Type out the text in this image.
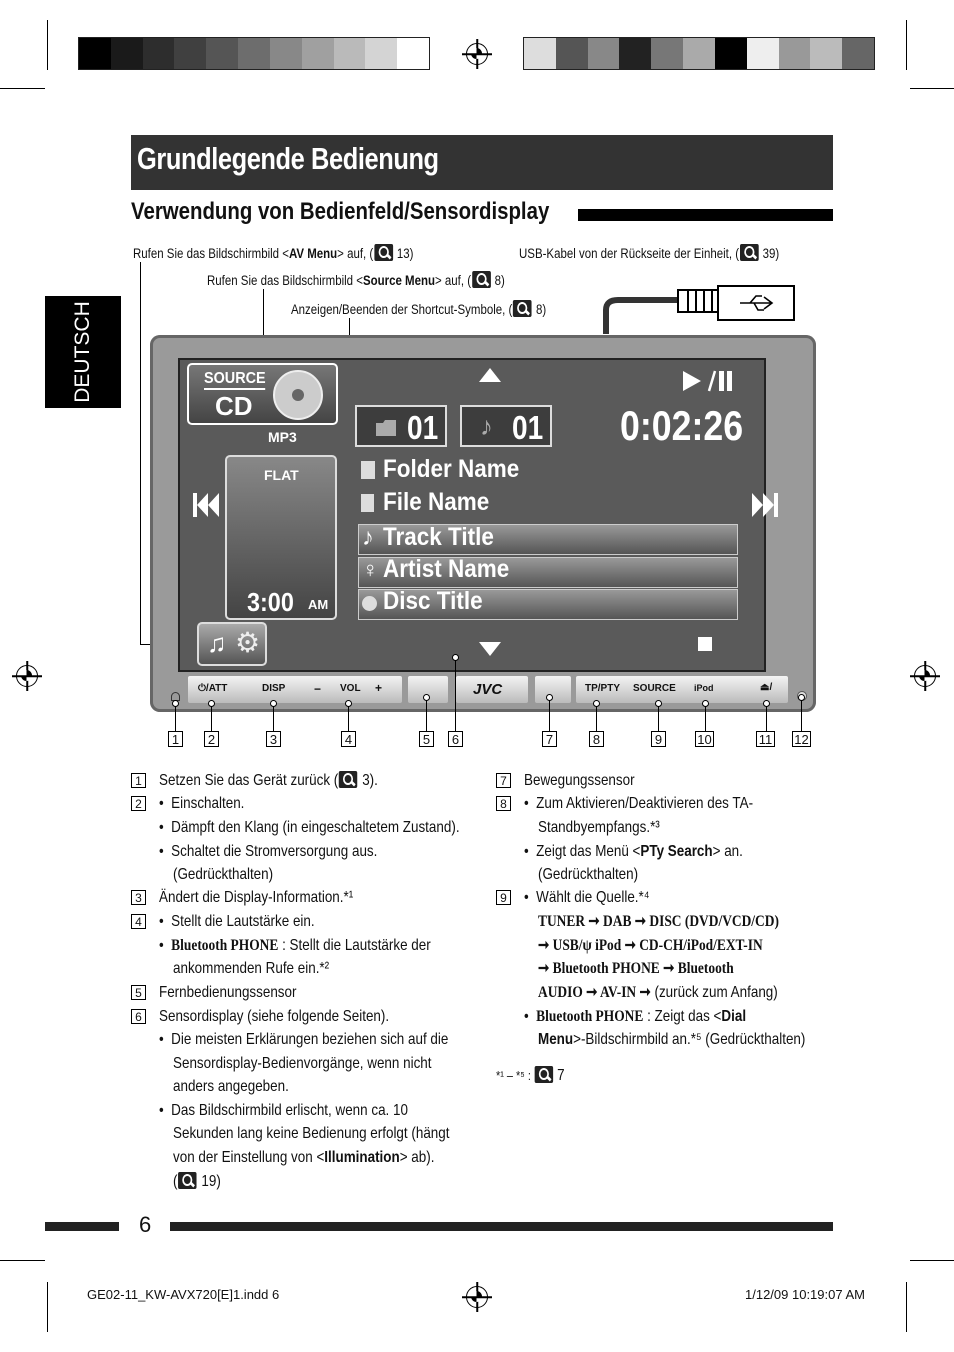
Grundlegende Bedienung
Verwendung von Bedienfeld/Sensordisplay
DEUTSCH
Rufen Sie das Bildschirmbild <AV Menu> auf, ( 13)
Rufen Sie das Bildschirmbild <Source Menu> auf, ( 8)
Anzeigen/Beenden der Shortcut-Symbole, ( 8)
USB-Kabel von der Rückseite der Einheit, ( 39)
SOURCE
CD
MP3	01 ♪ 01 0:02:26
FLAT
3:00 AM
Folder Name
File Name
♪ Track Title
♀ Artist Name
Disc Title
♫ ⚙
⏻/ATT	DISP − VOL +	JVC	TP/PTY SOURCE iPod	⏏/
1 2	3	4	5 6	7	8	9	10	11 12
1 Setzen Sie das Gerät zurück ( 3).
2 •  Einschalten.
•  Dämpft den Klang (in eingeschaltetem Zustand).
•  Schaltet die Stromversorgung aus.
(Gedrückthalten)
3 Ändert die Display-Information.*¹
4 •  Stellt die Lautstärke ein.
•  Bluetooth PHONE : Stellt die Lautstärke der
ankommenden Rufe ein.*²
5 Fernbedienungssensor
6 Sensordisplay (siehe folgende Seiten).
•  Die meisten Erklärungen beziehen sich auf die
Sensordisplay-Bedienvorgänge, wenn nicht
anders angegeben.
•  Das Bildschirmbild erlischt, wenn ca. 10
Sekunden lang keine Bedienung erfolgt (hängt
von der Einstellung von <Illumination> ab).
( 19)
7 Bewegungssensor
8 •  Zum Aktivieren/Deaktivieren des TA-
Standbyempfangs.*³
•  Zeigt das Menü <PTy Search> an.
(Gedrückthalten)
9 •  Wählt die Quelle.*⁴
TUNER ➞ DAB ➞ DISC (DVD/VCD/CD)
➞ USB/ψ iPod ➞ CD-CH/iPod/EXT-IN
➞ Bluetooth PHONE ➞ Bluetooth
AUDIO ➞ AV-IN ➞ (zurück zum Anfang)
•  Bluetooth PHONE : Zeigt das <Dial
Menu>-Bildschirmbild an.*⁵ (Gedrückthalten)
*¹ – *⁵ : 7
6
GE02-11_KW-AVX720[E]1.indd 6	1/12/09 10:19:07 AM
